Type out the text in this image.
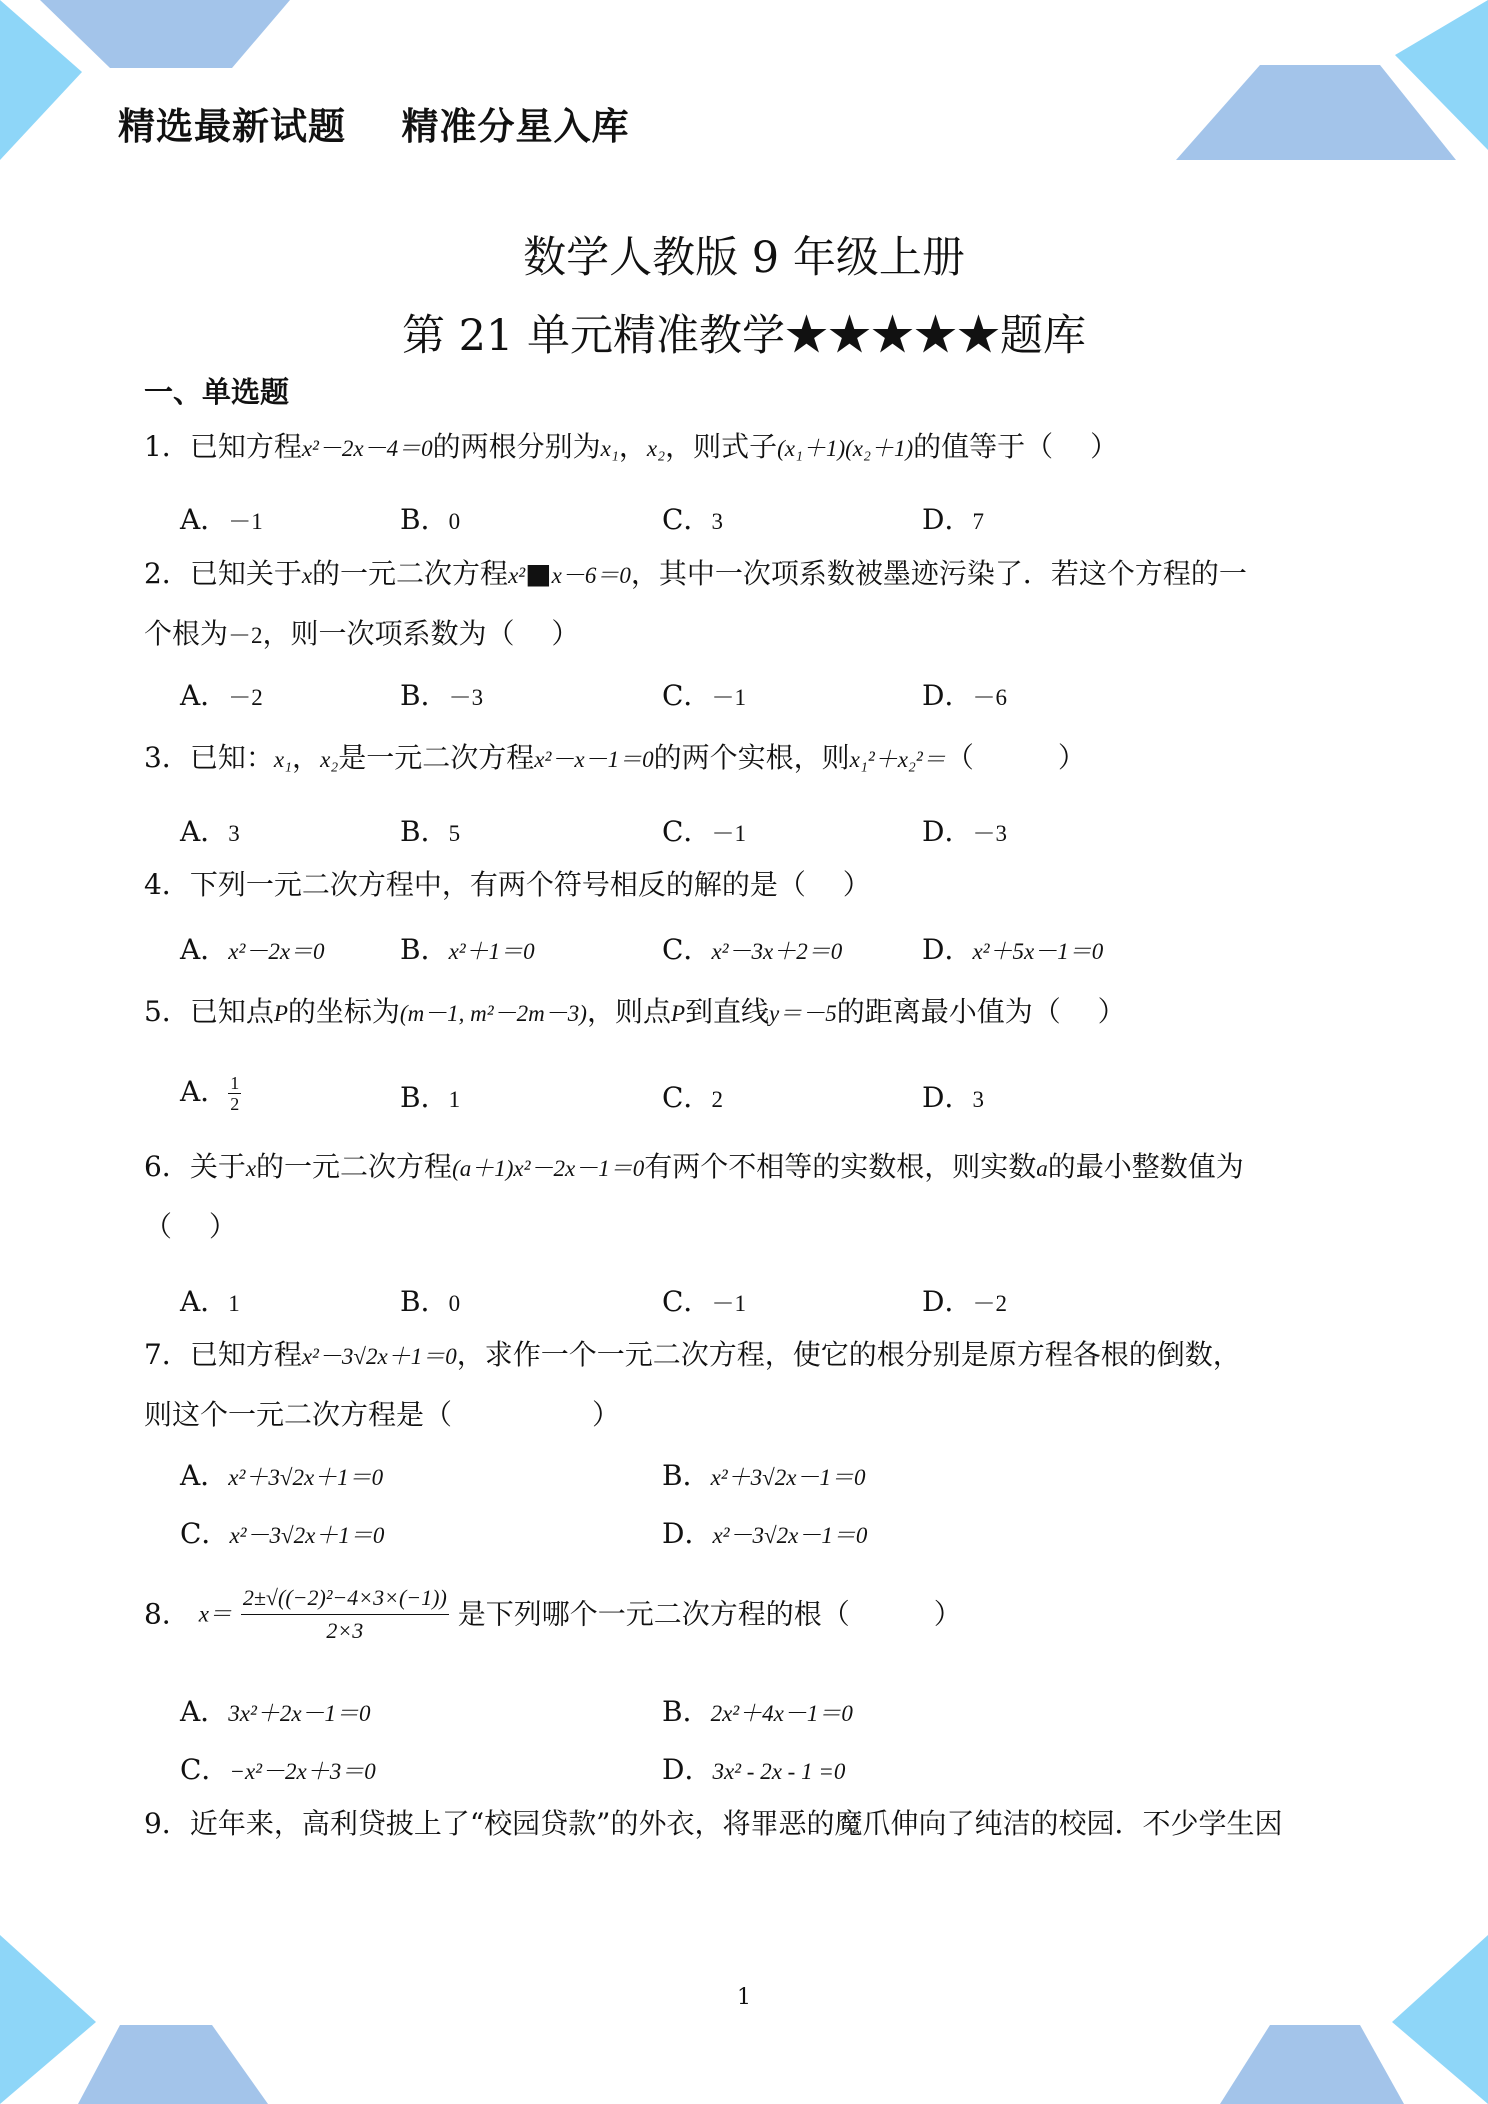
精选最新试题    精准分星入库
数学人教版 9 年级上册
第 21 单元精准教学★★★★★题库
一、单选题
1．已知方程x²－2x－4＝0的两根分别为x₁，x₂，则式子(x₁＋1)(x₂＋1)的值等于（　 ）
A．－1	B．0	C．3	D．7
2．已知关于x的一元二次方程x²■x－6＝0，其中一次项系数被墨迹污染了．若这个方程的一
个根为－2，则一次项系数为（　 ）
A．－2	B．－3	C．－1	D．－6
3．已知：x₁，x₂是一元二次方程x²－x－1＝0的两个实根，则x₁²＋x₂²＝（　　　）
A．3	B．5	C．－1	D．－3
4．下列一元二次方程中，有两个符号相反的解的是（　 ）
A．x²－2x＝0	B．x²＋1＝0	C．x²－3x＋2＝0	D．x²＋5x－1＝0
5．已知点P的坐标为(m－1, m²－2m－3)，则点P到直线y＝－5的距离最小值为（　 ）
A． $\frac{1}{2}$	B．1	C．2	D．3
6．关于x的一元二次方程(a＋1)x²－2x－1＝0有两个不相等的实数根，则实数a的最小整数值为
（　 ）
A．1	B．0	C．－1	D．－2
7．已知方程x²－3√2x＋1＝0，求作一个一元二次方程，使它的根分别是原方程各根的倒数，
则这个一元二次方程是（　　　　　）
A．x²＋3√2x＋1＝0	B．x²＋3√2x－1＝0
C．x²－3√2x＋1＝0	D．x²－3√2x－1＝0
8． $x= \frac{\text{2±√((−2)²−4×3×(−1))}}{2\times 3}$ 是下列哪个一元二次方程的根（　　　）
A．3x²＋2x－1＝0	B．2x²＋4x－1＝0
C．−x²－2x＋3＝0	D．3x² - 2x - 1 =0
9．近年来，高利贷披上了“校园贷款”的外衣，将罪恶的魔爪伸向了纯洁的校园．不少学生因
1
